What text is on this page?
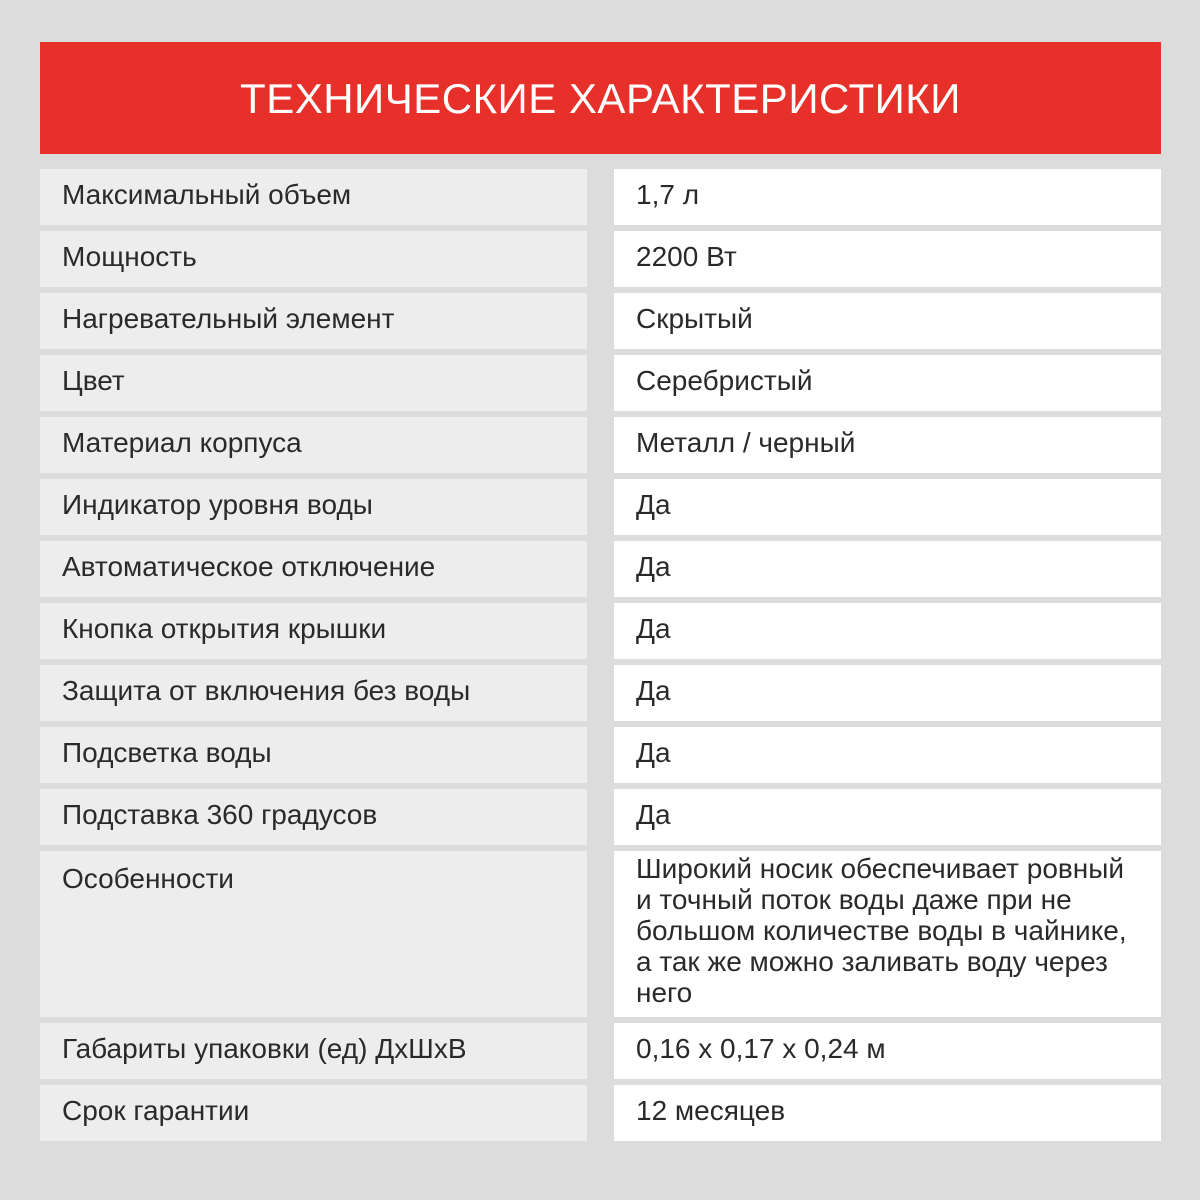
ТЕХНИЧЕСКИЕ ХАРАКТЕРИСТИКИ
Максимальный объем	1,7 л
Мощность	2200 Вт
Нагревательный элемент	Скрытый
Цвет	Серебристый
Материал корпуса	Металл / черный
Индикатор уровня воды	Да
Автоматическое отключение	Да
Кнопка открытия крышки	Да
Защита от включения без воды	Да
Подсветка воды	Да
Подставка 360 градусов	Да
Особенности	Широкий носик обеспечивает ровный и точный поток воды даже при не большом количестве воды в чайнике, а так же можно заливать воду через него
Габариты упаковки (ед) ДхШхВ	0,16 х 0,17 х 0,24 м
Срок гарантии	12 месяцев
